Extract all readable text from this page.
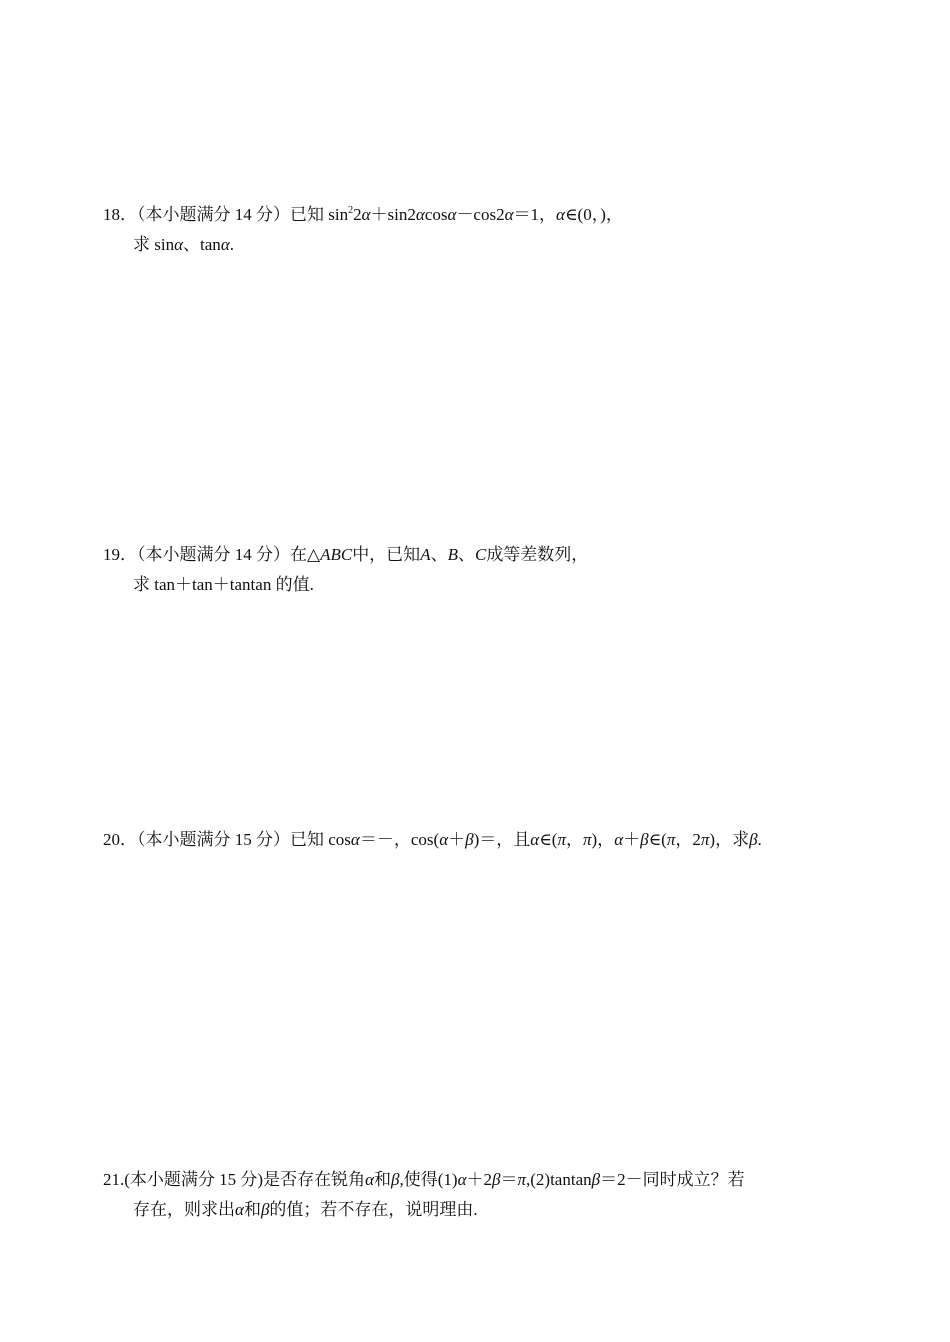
18．（本小题满分 14 分）已知 $\sin^22\alpha+\sin 2\alpha\cos\alpha-\cos 2\alpha=1$，α∈(0，)，
求 sinα、tanα.
19．（本小题满分 14 分）在△ABC中，已知A、B、C成等差数列，
求 tan＋tan＋tantan 的值.
20．（本小题满分 15 分）已知 cosα＝－，cos(α＋β)＝，且α∈(π，π)，α＋β∈(π，2π)，求β.
21.(本小题满分 15 分)是否存在锐角α和β,使得(1)α＋2β＝π,(2)tantanβ＝2－同时成立？若
存在，则求出α和β的值；若不存在，说明理由.
